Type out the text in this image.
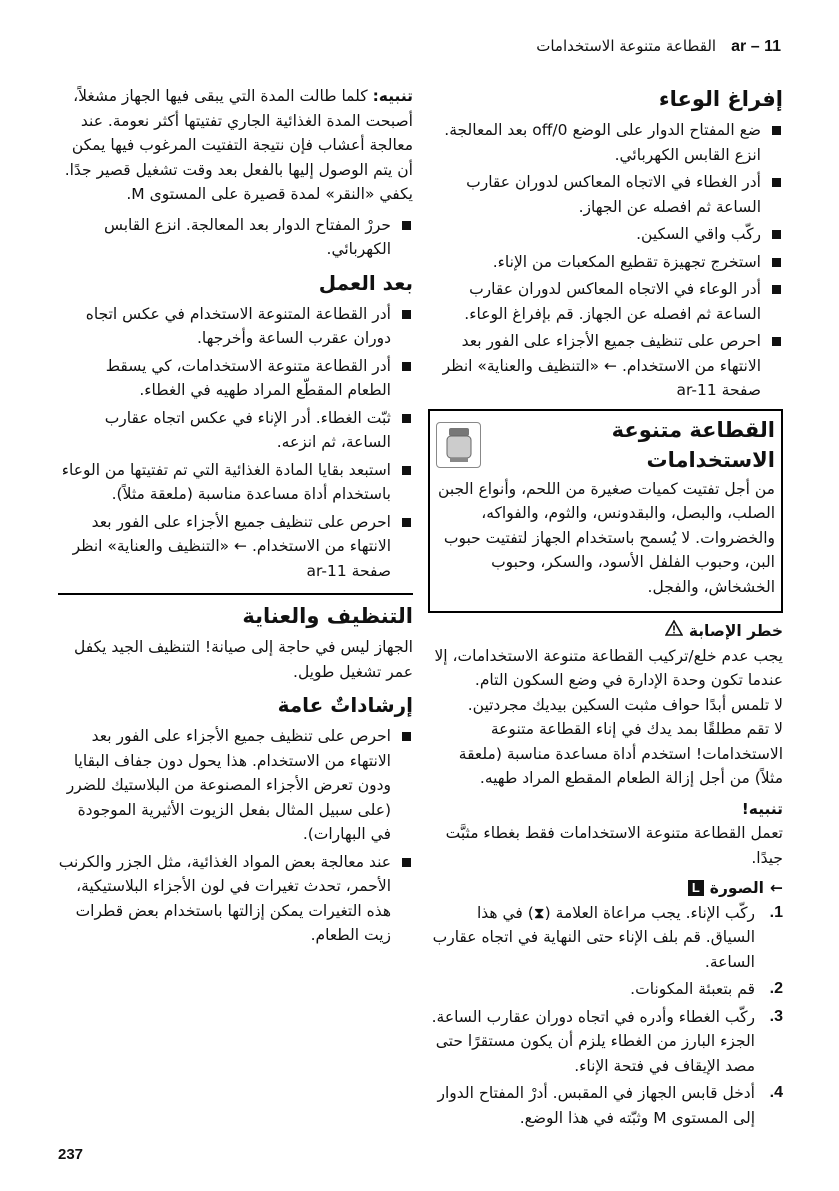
11 – ar القطاعة متنوعة الاستخدامات
إفراغ الوعاء
ضع المفتاح الدوار على الوضع 0/off بعد المعالجة. انزع القابس الكهربائي.
أدر الغطاء في الاتجاه المعاكس لدوران عقارب الساعة ثم افصله عن الجهاز.
ركّب واقي السكين.
استخرج تجهيزة تقطيع المكعبات من الإناء.
أدر الوعاء في الاتجاه المعاكس لدوران عقارب الساعة ثم افصله عن الجهاز. قم بإفراغ الوعاء.
احرص على تنظيف جميع الأجزاء على الفور بعد الانتهاء من الاستخدام. ← «التنظيف والعناية» انظر صفحة ar-11
القطاعة متنوعة الاستخدامات

من أجل تفتيت كميات صغيرة من اللحم، وأنواع الجبن الصلب، والبصل، والبقدونس، والثوم، والفواكه، والخضروات. لا يُسمح باستخدام الجهاز لتفتيت حبوب البن، وحبوب الفلفل الأسود، والسكر، وحبوب الخشخاش، والفجل.

خطر الإصابة

يجب عدم خلع/تركيب القطاعة متنوعة الاستخدامات، إلا عندما تكون وحدة الإدارة في وضع السكون التام.

لا تلمس أبدًا حواف مثبت السكين بيديك مجردتين.

لا تقم مطلقًا بمد يدك في إناء القطاعة متنوعة الاستخدامات! استخدم أداة مساعدة مناسبة (ملعقة مثلاً) من أجل إزالة الطعام المقطع المراد طهيه.

تنبيه!

تعمل القطاعة متنوعة الاستخدامات فقط بغطاء مثبَّت جيدًا.

←
الصورة
L
1.
ركّب الإناء. يجب مراعاة العلامة (⧗) في هذا السياق. قم بلف الإناء حتى النهاية في اتجاه عقارب الساعة.
2.
قم بتعبئة المكونات.
3.
ركّب الغطاء وأدره في اتجاه دوران عقارب الساعة. الجزء البارز من الغطاء يلزم أن يكون مستقرًا حتى مصد الإيقاف في فتحة الإناء.
4.
أدخل قابس الجهاز في المقبس. أدرْ المفتاح الدوار إلى المستوى M وثبّته في هذا الوضع.

تنبيه: كلما طالت المدة التي يبقى فيها الجهاز مشغلاً، أصبحت المدة الغذائية الجاري تفتيتها أكثر نعومة. عند معالجة أعشاب فإن نتيجة التفتيت المرغوب فيها يمكن أن يتم الوصول إليها بالفعل بعد وقت تشغيل قصير جدًا. يكفي «النقر» لمدة قصيرة على المستوى M.

حررْ المفتاح الدوار بعد المعالجة. انزع القابس الكهربائي.
بعد العمل
أدر القطاعة المتنوعة الاستخدام في عكس اتجاه دوران عقرب الساعة وأخرجها.
أدر القطاعة متنوعة الاستخدامات، كي يسقط الطعام المقطّع المراد طهيه في الغطاء.
ثبّت الغطاء. أدر الإناء في عكس اتجاه عقارب الساعة، ثم انزعه.
استبعد بقايا المادة الغذائية التي تم تفتيتها من الوعاء باستخدام أداة مساعدة مناسبة (ملعقة مثلاً).
احرص على تنظيف جميع الأجزاء على الفور بعد الانتهاء من الاستخدام. ← «التنظيف والعناية» انظر صفحة ar-11
التنظيف والعناية

الجهاز ليس في حاجة إلى صيانة! التنظيف الجيد يكفل عمر تشغيل طويل.

إرشاداتٌ عامة
احرص على تنظيف جميع الأجزاء على الفور بعد الانتهاء من الاستخدام. هذا يحول دون جفاف البقايا ودون تعرض الأجزاء المصنوعة من البلاستيك للضرر (على سبيل المثال بفعل الزيوت الأثيرية الموجودة في البهارات).
عند معالجة بعض المواد الغذائية، مثل الجزر والكرنب الأحمر، تحدث تغيرات في لون الأجزاء البلاستيكية، هذه التغيرات يمكن إزالتها باستخدام بعض قطرات زيت الطعام.
237
